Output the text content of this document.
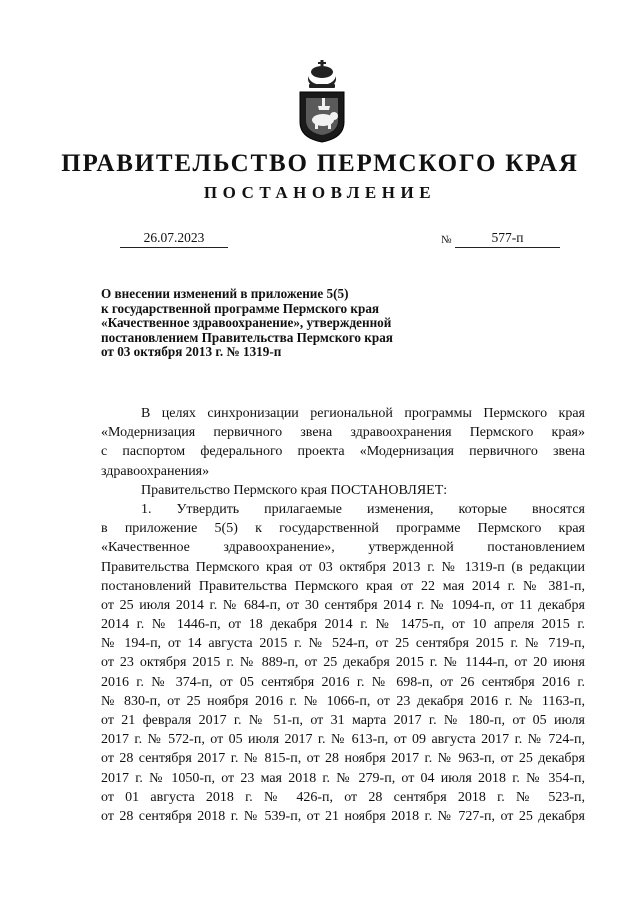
ПРАВИТЕЛЬСТВО ПЕРМСКОГО КРАЯ
ПОСТАНОВЛЕНИЕ
26.07.2023	№	577-п
О внесении изменений в приложение 5(5)
к государственной программе Пермского края
«Качественное здравоохранение», утвержденной
постановлением Правительства Пермского края
от 03 октября 2013 г. № 1319-п
В целях синхронизации региональной программы Пермского края
«Модернизация первичного звена здравоохранения Пермского края»
с паспортом федерального проекта «Модернизация первичного звена
здравоохранения»
Правительство Пермского края ПОСТАНОВЛЯЕТ:
1. Утвердить прилагаемые изменения, которые вносятся
в приложение 5(5) к государственной программе Пермского края
«Качественное здравоохранение», утвержденной постановлением
Правительства Пермского края от 03 октября 2013 г. № 1319-п (в редакции
постановлений Правительства Пермского края от 22 мая 2014 г. № 381-п,
от 25 июля 2014 г. № 684-п, от 30 сентября 2014 г. № 1094-п, от 11 декабря
2014 г. № 1446-п, от 18 декабря 2014 г. № 1475-п, от 10 апреля 2015 г.
№ 194-п, от 14 августа 2015 г. № 524-п, от 25 сентября 2015 г. № 719-п,
от 23 октября 2015 г. № 889-п, от 25 декабря 2015 г. № 1144-п, от 20 июня
2016 г. № 374-п, от 05 сентября 2016 г. № 698-п, от 26 сентября 2016 г.
№ 830-п, от 25 ноября 2016 г. № 1066-п, от 23 декабря 2016 г. № 1163-п,
от 21 февраля 2017 г. № 51-п, от 31 марта 2017 г. № 180-п, от 05 июля
2017 г. № 572-п, от 05 июля 2017 г. № 613-п, от 09 августа 2017 г. № 724-п,
от 28 сентября 2017 г. № 815-п, от 28 ноября 2017 г. № 963-п, от 25 декабря
2017 г. № 1050-п, от 23 мая 2018 г. № 279-п, от 04 июля 2018 г. № 354-п,
от 01 августа 2018 г. № 426-п, от 28 сентября 2018 г. № 523-п,
от 28 сентября 2018 г. № 539-п, от 21 ноября 2018 г. № 727-п, от 25 декабря
